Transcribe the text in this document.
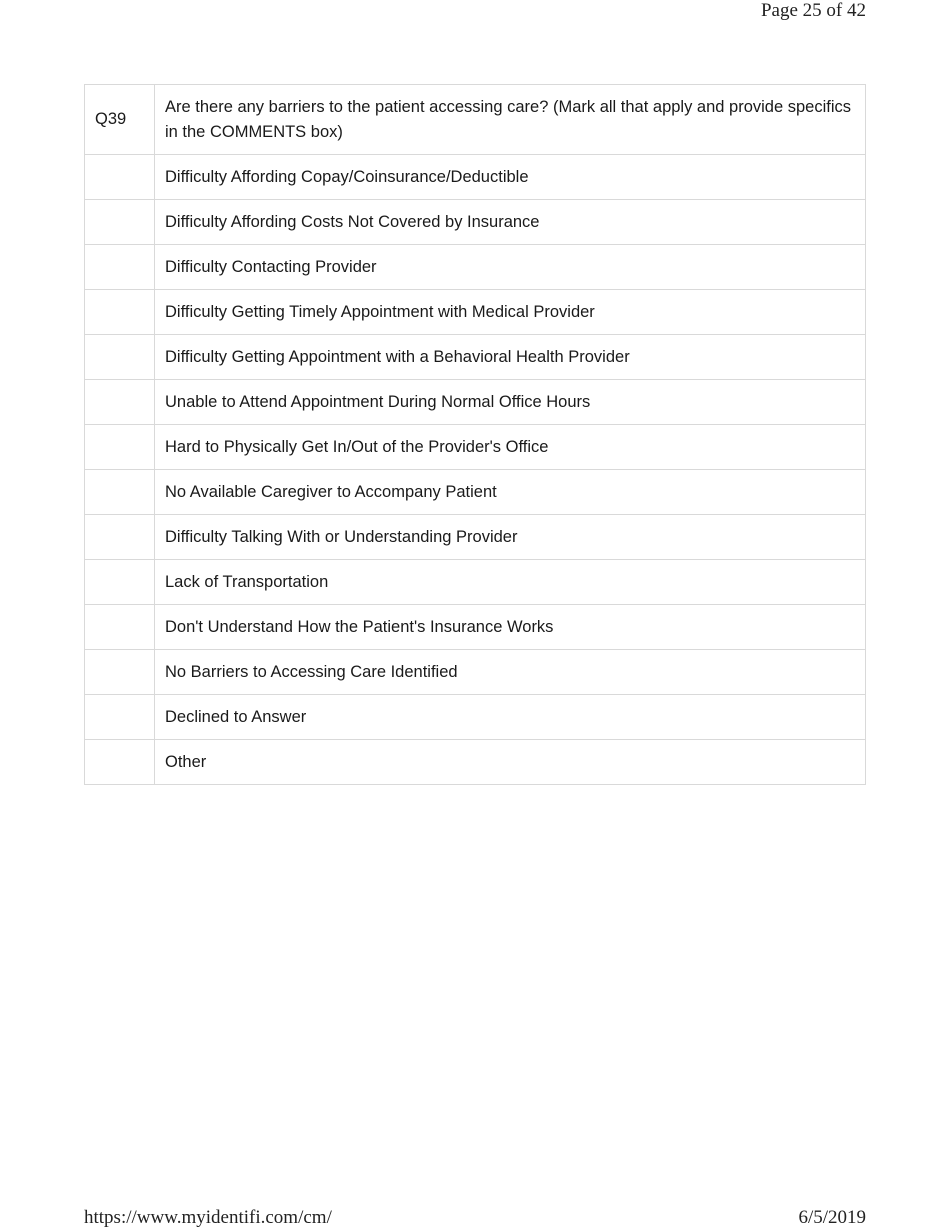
Page 25 of 42
Q39	Are there any barriers to the patient accessing care? (Mark all that apply and provide specifics in the COMMENTS box)
	Difficulty Affording Copay/Coinsurance/Deductible
	Difficulty Affording Costs Not Covered by Insurance
	Difficulty Contacting Provider
	Difficulty Getting Timely Appointment with Medical Provider
	Difficulty Getting Appointment with a Behavioral Health Provider
	Unable to Attend Appointment During Normal Office Hours
	Hard to Physically Get In/Out of the Provider's Office
	No Available Caregiver to Accompany Patient
	Difficulty Talking With or Understanding Provider
	Lack of Transportation
	Don't Understand How the Patient's Insurance Works
	No Barriers to Accessing Care Identified
	Declined to Answer
	Other
https://www.myidentifi.com/cm/	6/5/2019
